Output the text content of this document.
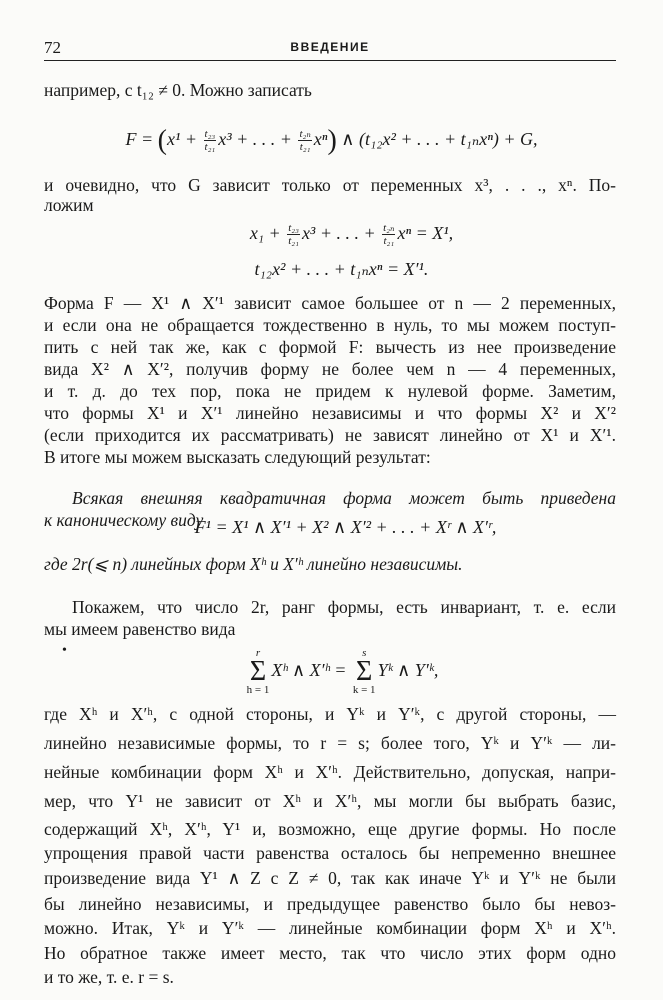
72	ВВЕДЕНИЕ
например, с t₁₂ ≠ 0. Можно записать
$F = (x^1 + \frac{\text{t₂₃}}{\text{t₂₁}} x^3$ + . . . + $\frac{\text{t₂ₙ}}{\text{t₂₁}} x^n$) ∧ (t₁₂x² + . . . + t₁ₙxⁿ) + G,
и очевидно, что G зависит только от переменных x³, . . ., xⁿ. По-
ложим
$x_1 + \frac{\text{t₂₃}}{\text{t₂₁}} x^3$ + . . . + $\frac{\text{t₂ₙ}}{\text{t₂₁}}$ xⁿ = X¹,
t₁₂x² + . . . + t₁ₙxⁿ = X′¹.
Форма F — X¹ ∧ X′¹ зависит самое большее от n — 2 переменных,
и если она не обращается тождественно в нуль, то мы можем поступ-
пить с ней так же, как с формой F: вычесть из нее произведение
вида X² ∧ X′², получив форму не более чем n — 4 переменных,
и т. д. до тех пор, пока не придем к нулевой форме. Заметим,
что формы X¹ и X′¹ линейно независимы и что формы X² и X′²
(если приходится их рассматривать) не зависят линейно от X¹ и X′¹.
В итоге мы можем высказать следующий результат:
Всякая внешняя квадратичная форма может быть приведена
к каноническому виду
F¹ = X¹ ∧ X′¹ + X² ∧ X′² + . . . + Xʳ ∧ X′ʳ,
где 2r(⩽ n) линейных форм Xʰ и X′ʰ линейно независимы.
Покажем, что число 2r, ранг формы, есть инвариант, т. е. если
мы имеем равенство вида
•	r
Σ
h = 1Xʰ ∧ X′ʰ = s
Σ
k = 1Yᵏ ∧ Y′ᵏ,
где Xʰ и X′ʰ, с одной стороны, и Yᵏ и Y′ᵏ, с другой стороны, —
линейно независимые формы, то r = s; более того, Yᵏ и Y′ᵏ — ли-
нейные комбинации форм Xʰ и X′ʰ. Действительно, допуская, напри-
мер, что Y¹ не зависит от Xʰ и X′ʰ, мы могли бы выбрать базис,
содержащий Xʰ, X′ʰ, Y¹ и, возможно, еще другие формы. Но после
упрощения правой части равенства осталось бы непременно внешнее
произведение вида Y¹ ∧ Z с Z ≠ 0, так как иначе Yᵏ и Y′ᵏ не были
бы линейно независимы, и предыдущее равенство было бы невоз-
можно. Итак, Yᵏ и Y′ᵏ — линейные комбинации форм Xʰ и X′ʰ.
Но обратное также имеет место, так что число этих форм одно
и то же, т. е. r = s.
